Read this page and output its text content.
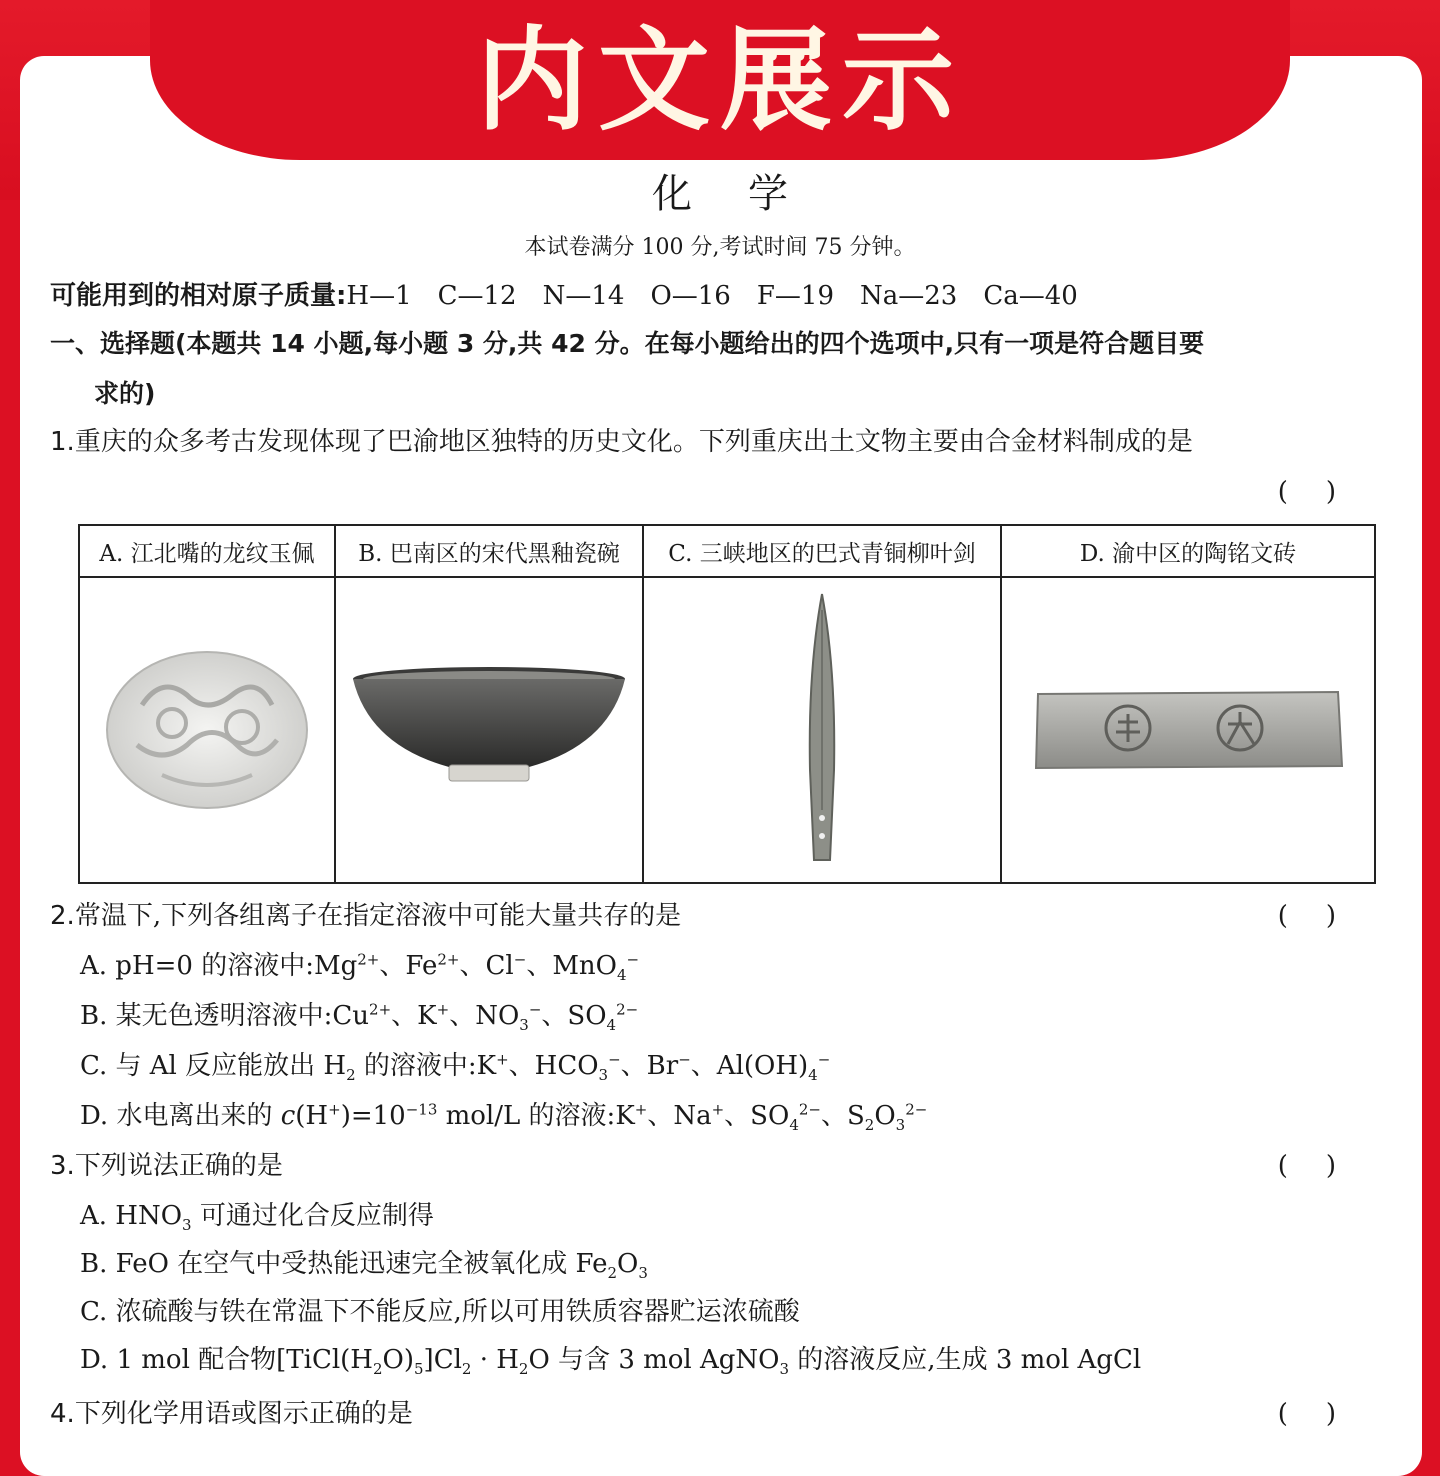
内文展示
化学
本试卷满分 100 分,考试时间 75 分钟。
可能用到的相对原子质量:H—1 C—12 N—14 O—16 F—19 Na—23 Ca—40
一、选择题(本题共 14 小题,每小题 3 分,共 42 分。在每小题给出的四个选项中,只有一项是符合题目要
求的)
1.重庆的众多考古发现体现了巴渝地区独特的历史文化。下列重庆出土文物主要由合金材料制成的是
()
A. 江北嘴的龙纹玉佩	B. 巴南区的宋代黑釉瓷碗	C. 三峡地区的巴式青铜柳叶剑	D. 渝中区的陶铭文砖

2.常温下,下列各组离子在指定溶液中可能大量共存的是	()
A. pH=0 的溶液中$:Mg^{2+}$、$Fe^{2+}$、Cl−、MnO$_4$−
B. 某无色透明溶液中$:Cu^{2+}$、K+、$NO_3^-$、$SO_4^{2-}$
C. 与 Al 反应能放出 $H_2$ 的溶液中:K+、$HCO_3^-$、Br−、$Al(OH)_4^-$
D. 水电离出来的 $c(H^+)=10^{-13}$ mol/L 的溶液:K+、Na+、$SO_4^{2-}$、$S_2O_3^{2-}$
3.下列说法正确的是	()
A. $HNO_3$ 可通过化合反应制得
B. FeO 在空气中受热能迅速完全被氧化成 $Fe_2O_3$
C. 浓硫酸与铁在常温下不能反应,所以可用铁质容器贮运浓硫酸
D. 1 mol 配合物$[TiCl(H_2O)_5]Cl_2 \cdot H_2O$ 与含 3 mol AgNO$_3$ 的溶液反应,生成 3 mol AgCl
4.下列化学用语或图示正确的是	()
